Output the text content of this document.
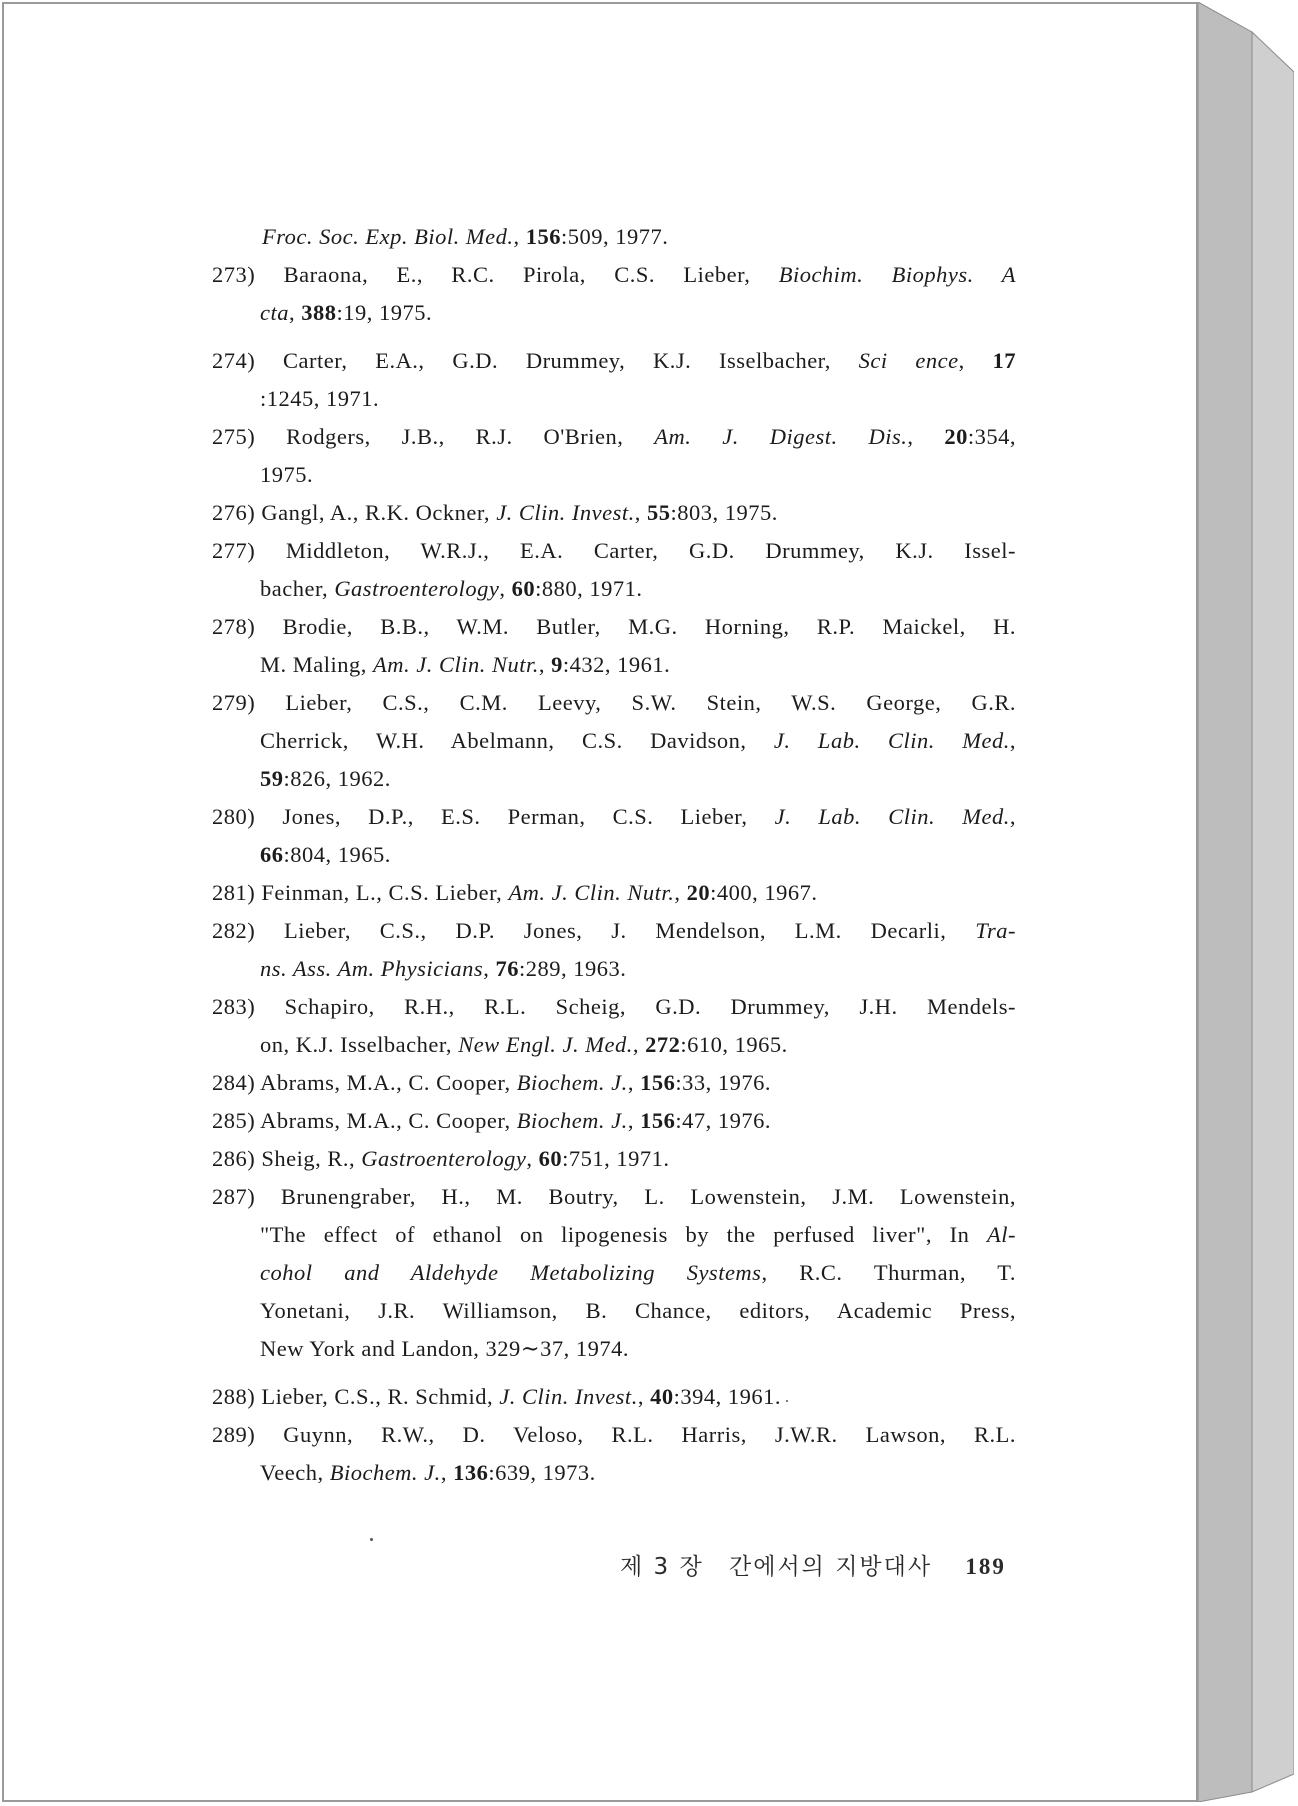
Froc. Soc. Exp. Biol. Med., 156:509, 1977.
273) Baraona, E., R.C. Pirola, C.S. Lieber, Biochim. Biophys. A
cta, 388:19, 1975.
274) Carter, E.A., G.D. Drummey, K.J. Isselbacher, Sci ence, 17
:1245, 1971.
275) Rodgers, J.B., R.J. O'Brien, Am. J. Digest. Dis., 20:354,
1975.
276) Gangl, A., R.K. Ockner, J. Clin. Invest., 55:803, 1975.
277) Middleton, W.R.J., E.A. Carter, G.D. Drummey, K.J. Issel-
bacher, Gastroenterology, 60:880, 1971.
278) Brodie, B.B., W.M. Butler, M.G. Horning, R.P. Maickel, H.
M. Maling, Am. J. Clin. Nutr., 9:432, 1961.
279) Lieber, C.S., C.M. Leevy, S.W. Stein, W.S. George, G.R.
Cherrick, W.H. Abelmann, C.S. Davidson, J. Lab. Clin. Med.,
59:826, 1962.
280) Jones, D.P., E.S. Perman, C.S. Lieber, J. Lab. Clin. Med.,
66:804, 1965.
281) Feinman, L., C.S. Lieber, Am. J. Clin. Nutr., 20:400, 1967.
282) Lieber, C.S., D.P. Jones, J. Mendelson, L.M. Decarli, Tra-
ns. Ass. Am. Physicians, 76:289, 1963.
283) Schapiro, R.H., R.L. Scheig, G.D. Drummey, J.H. Mendels-
on, K.J. Isselbacher, New Engl. J. Med., 272:610, 1965.
284) Abrams, M.A., C. Cooper, Biochem. J., 156:33, 1976.
285) Abrams, M.A., C. Cooper, Biochem. J., 156:47, 1976.
286) Sheig, R., Gastroenterology, 60:751, 1971.
287) Brunengraber, H., M. Boutry, L. Lowenstein, J.M. Lowenstein,
"The effect of ethanol on lipogenesis by the perfused liver", In Al-
cohol and Aldehyde Metabolizing Systems, R.C. Thurman, T.
Yonetani, J.R. Williamson, B. Chance, editors, Academic Press,
New York and Landon, 329∼37, 1974.
288) Lieber, C.S., R. Schmid, J. Clin. Invest., 40:394, 1961.
289) Guynn, R.W., D. Veloso, R.L. Harris, J.W.R. Lawson, R.L.
Veech, Biochem. J., 136:639, 1973.
제 3 장 간에서의 지방대사 189
